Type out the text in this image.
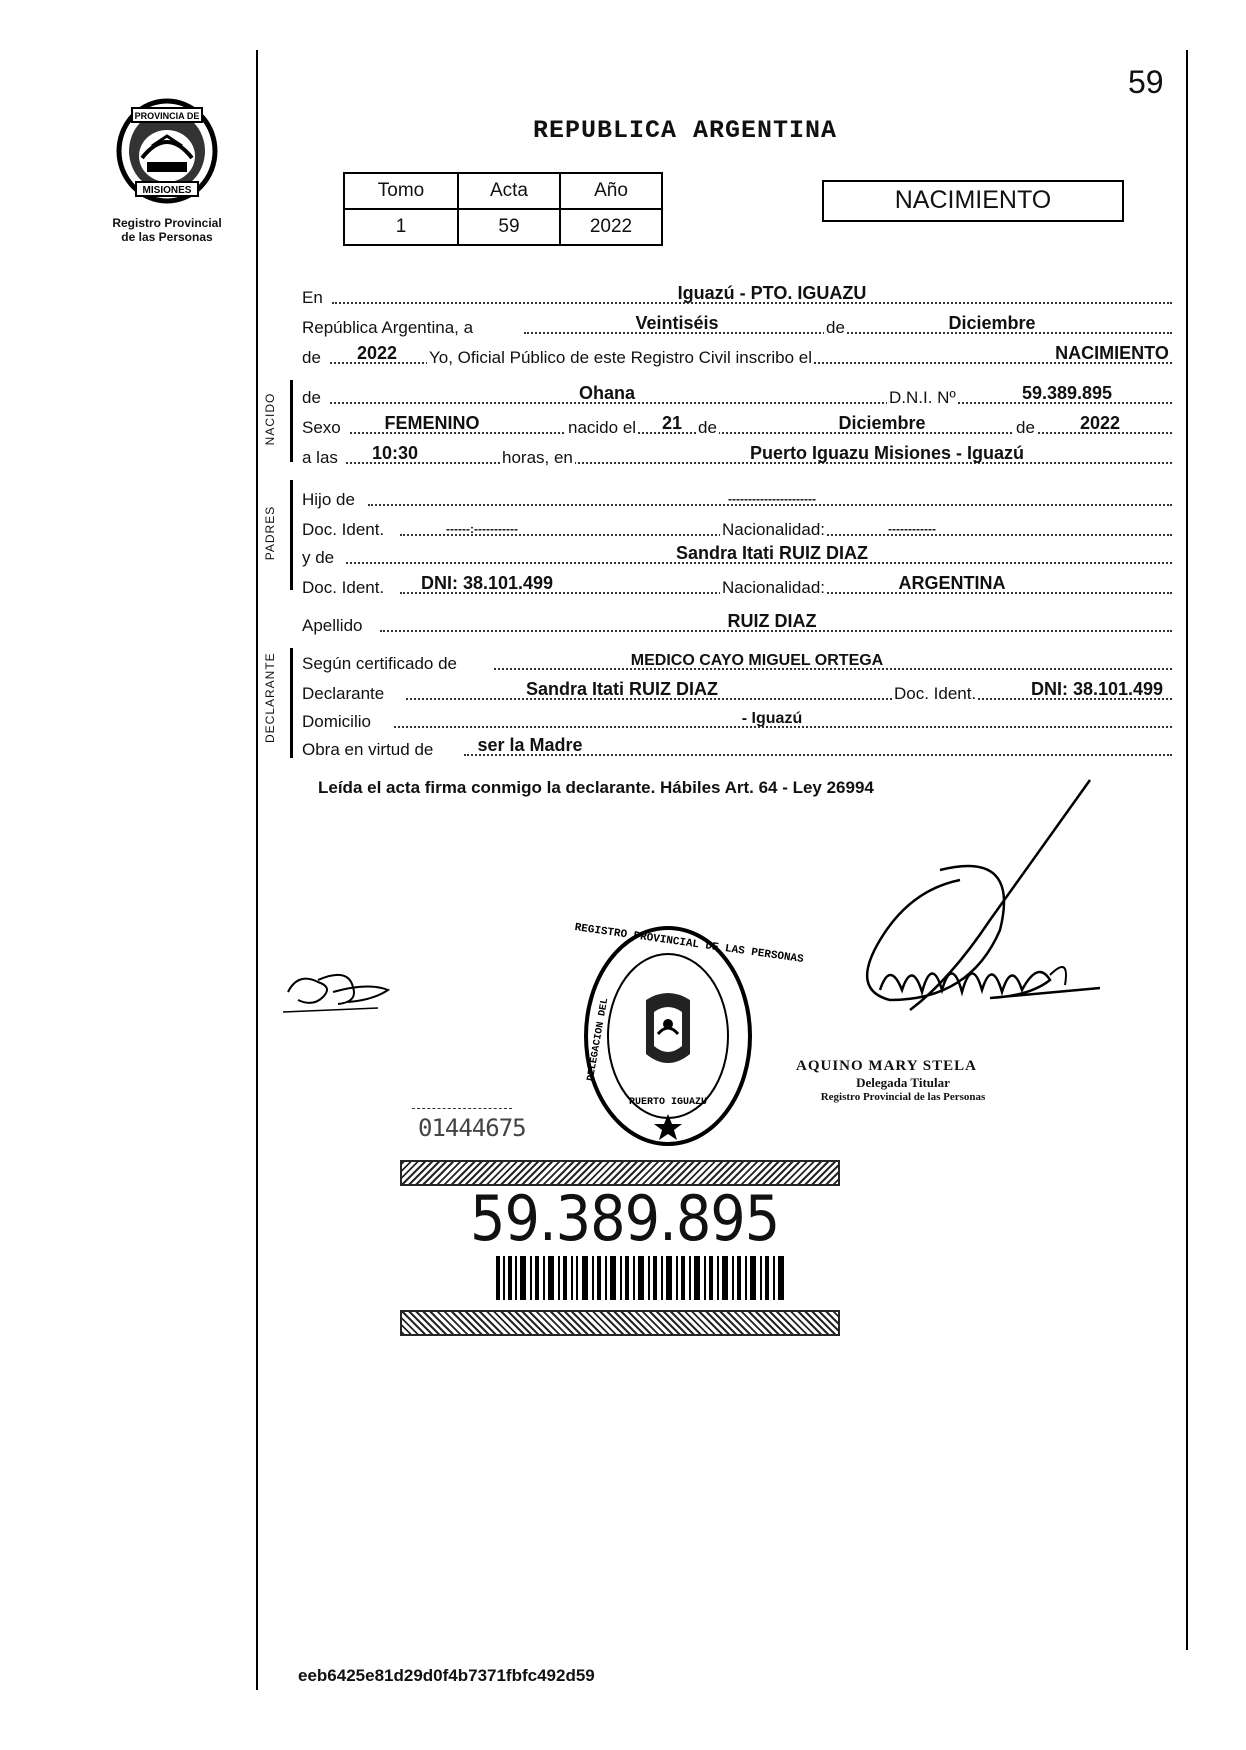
59
PROVINCIA DE
MISIONES
Registro Provincial
de las Personas
REPUBLICA ARGENTINA
Tomo	Acta	Año
1	59	2022
NACIMIENTO
En	Iguazú - PTO. IGUAZU
República Argentina, a	Veintiséis	de	Diciembre
de 2022 Yo, Oficial Público de este Registro Civil inscribo el	NACIMIENTO
NACIDO de	Ohana	D.N.I. Nº	59.389.895
Sexo FEMENINO	nacido el 21 de	Diciembre	de	2022
a las 10:30	horas, en	Puerto Iguazu Misiones - Iguazú
PADRES
Hijo de	----------------------
Doc. Ident.	------:-----------	Nacionalidad:	------------
y de	Sandra Itati RUIZ DIAZ
Doc. Ident. DNI: 38.101.499	Nacionalidad:	ARGENTINA
Apellido	RUIZ DIAZ
DECLARANTE Según certificado de	MEDICO CAYO MIGUEL ORTEGA
Declarante	Sandra Itati RUIZ DIAZ	Doc. Ident.	DNI: 38.101.499
Domicilio	- Iguazú
Obra en virtud de ser la Madre
Leída el acta firma conmigo la declarante. Hábiles Art. 64 - Ley 26994
REGISTRO PROVINCIAL DE LAS PERSONAS
DELEGACION DEL
PUERTO IGUAZU
AQUINO MARY STELA
Delegada Titular
Registro Provincial de las Personas
01444675
59.389.895
eeb6425e81d29d0f4b7371fbfc492d59
